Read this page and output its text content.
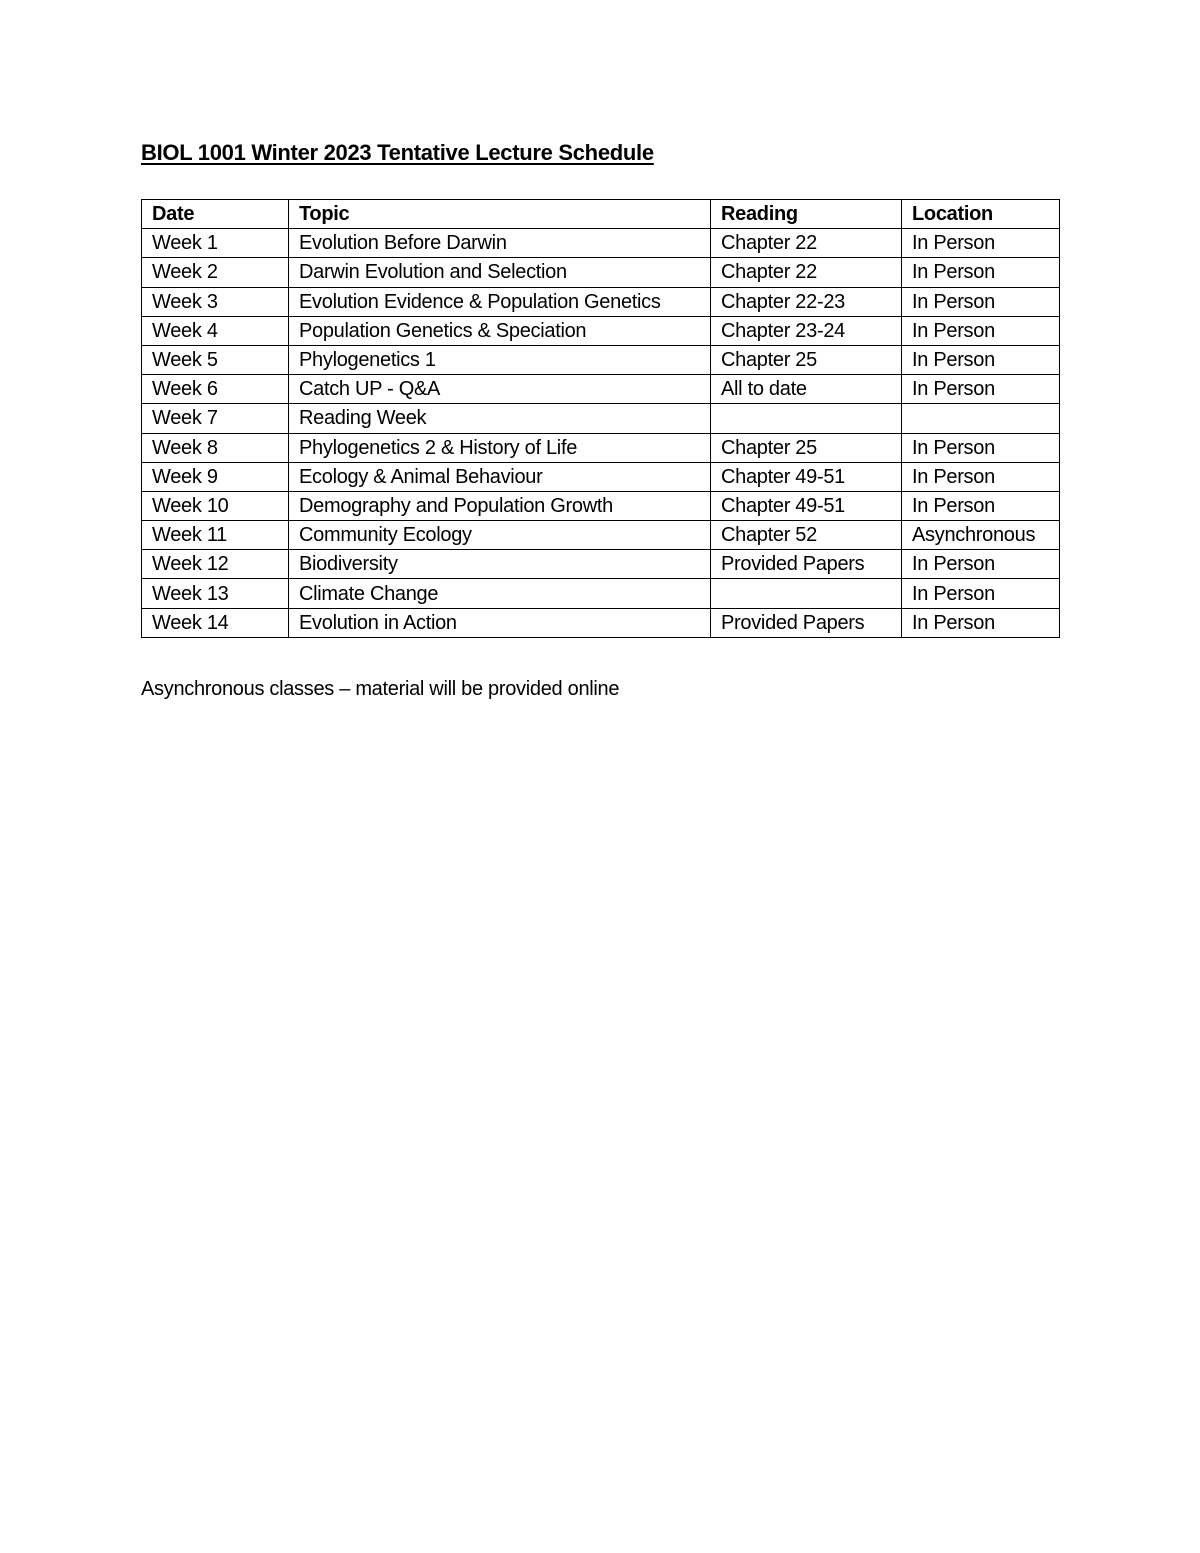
BIOL 1001 Winter 2023 Tentative Lecture Schedule
Date	Topic	Reading	Location
Week 1	Evolution Before Darwin	Chapter 22	In Person
Week 2	Darwin Evolution and Selection	Chapter 22	In Person
Week 3	Evolution Evidence & Population Genetics	Chapter 22-23	In Person
Week 4	Population Genetics & Speciation	Chapter 23-24	In Person
Week 5	Phylogenetics 1	Chapter 25	In Person
Week 6	Catch UP - Q&A	All to date	In Person
Week 7	Reading Week		
Week 8	Phylogenetics 2 & History of Life	Chapter 25	In Person
Week 9	Ecology & Animal Behaviour	Chapter 49-51	In Person
Week 10	Demography and Population Growth	Chapter 49-51	In Person
Week 11	Community Ecology	Chapter 52	Asynchronous
Week 12	Biodiversity	Provided Papers	In Person
Week 13	Climate Change		In Person
Week 14	Evolution in Action	Provided Papers	In Person
Asynchronous classes – material will be provided online
